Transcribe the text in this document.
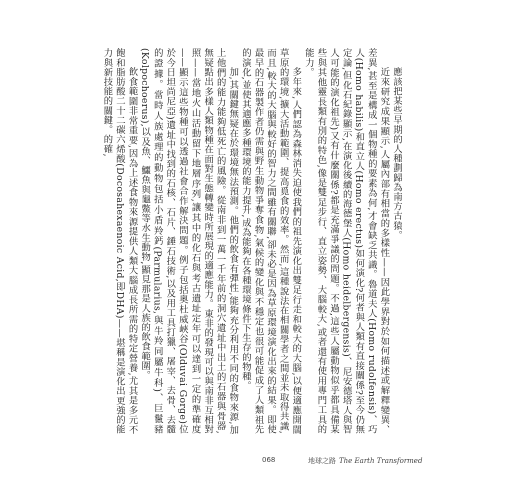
應該把某些早期的人種劃歸為南方古猿。

近來研究成果顯示,人屬內部有相當的多樣性——因此學界對於如何描述或解釋變異、差異,甚至是構成一個物種的要素為何,才會缺乏共識。魯道夫人(Homo rudolfensis)、巧人(Homo habilis)和直立人(Homo erectus)如何演化?何者與人類有直接關係?至今仍無定論,但化石紀錄顯示,在演化後續的海德堡人(Homo heidelbergensis)、尼安德塔人與智人可能的演化祖先)又有什麼關係?都是充滿爭議的問題。不過,這些人屬動物似乎都具備某些與其他靈長類有別的特色,像是雙足步行、直立姿勢、大腦較大,或者還有使用專門工具的能力。

多年來,人們認為森林消失迫使我們的祖先演化出雙足行走和較大的大腦,以便適應開闊草原的環境,擴大活動範圍、提高覓食的效率。然而,這種說法在相關學者之間並未取得共識,而且,較大的大腦與較好的智力之間雖有關聯,卻未必是因為草原環境演化出來的結果。即使最早的石器製作者仍需與野生動物爭奪食物,氣候的變化與不穩定也很可能促成了人類祖先的演化,並使其適應多種環境的能力提升,成為能夠在各種環境條件下生存的物種。

加,其關鍵無疑在於環境無法預測。他們的飲食有彈性,能夠充分利用不同的食物來源,加上他們的能力能夠低死亡的風險。從南非到一萬一千年前的洞穴遺址中出土的石器與骨器,無疑點出多樣人類物種在面對生態轉變時所展現的適應能力。東非的發現可以與南非互相對照——當地火山活動留下地層序列,讓其中的化石與考古遺址定年可以達到一定的準確度——顯示這些物種可以透過社會合作解決問題。例子包括奧杜威峽谷(Olduvai Gorge)位於今日坦尚尼亞)遺址中找到的石核、石片、錘石技術,以及用工具打獵、屠宰、去骨、去髓的證據。當時人族處理的動物包括小盾羚鈣(Parmularius,與牛羚同屬牛科)、巨鬣豬(Kolpochoerus),以及魚、鱷魚與龜鱉等水生動物,顯見那是人族的飲食範圍。

飲食範圍非常重要,因為上述食物來源提供人類大腦成長所需的特定營養,尤其是多元不飽和脂肪酸二十二碳六烯酸(Docosahexaenoic Acid,即DHA)——堪稱是演化出更強的能力與新技能的關鍵。的確,

068	地球之路 The Earth Transformed
